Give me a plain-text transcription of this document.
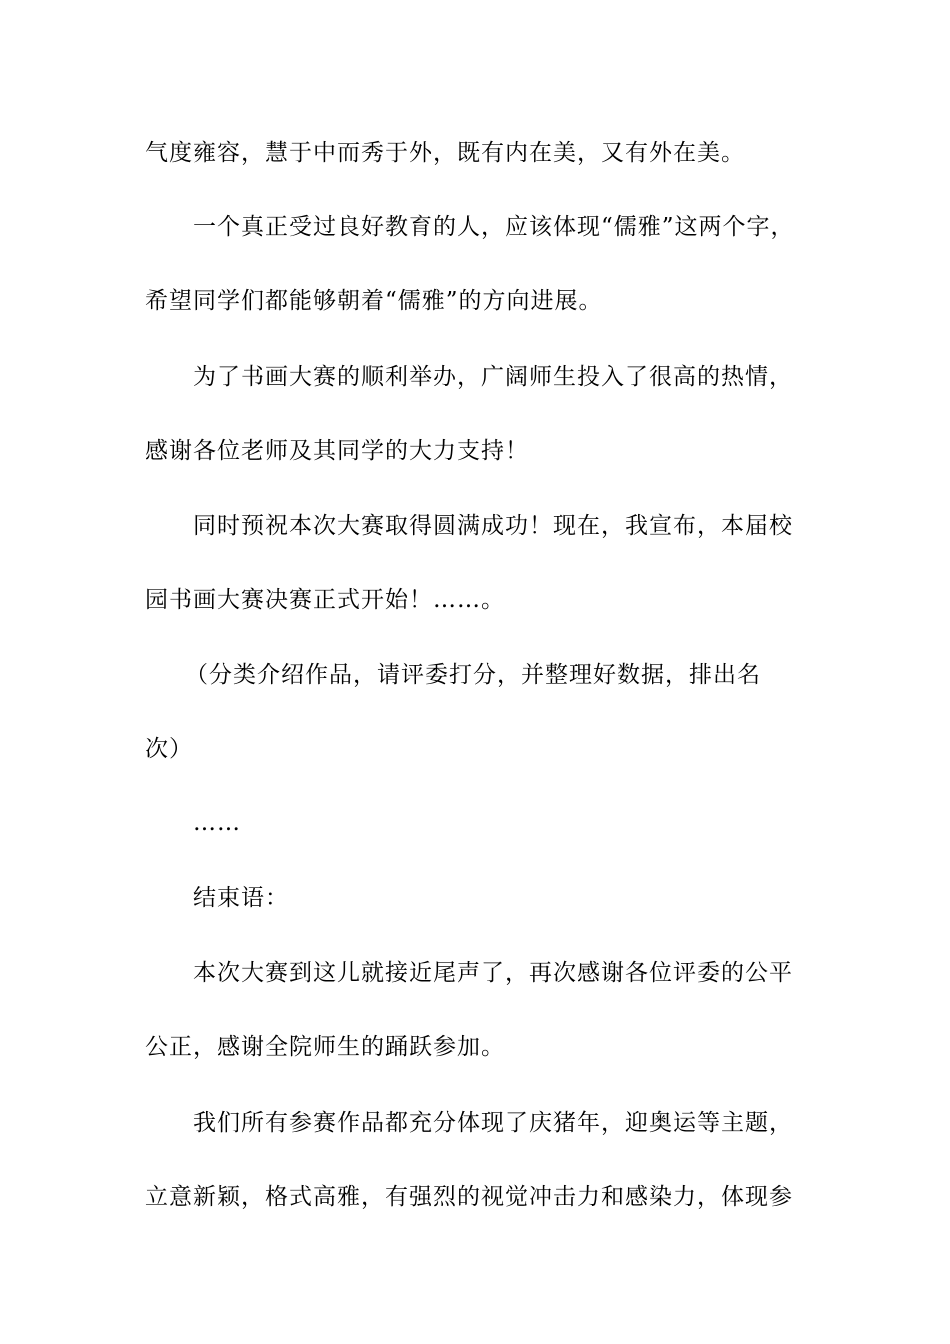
气度雍容，慧于中而秀于外，既有内在美，又有外在美。
一个真正受过良好教育的人，应该体现“儒雅”这两个字，
希望同学们都能够朝着“儒雅”的方向进展。
为了书画大赛的顺利举办，广阔师生投入了很高的热情，
感谢各位老师及其同学的大力支持！
同时预祝本次大赛取得圆满成功！现在，我宣布，本届校
园书画大赛决赛正式开始！……。
（分类介绍作品，请评委打分，并整理好数据，排出名
次）
……
结束语：
本次大赛到这儿就接近尾声了，再次感谢各位评委的公平
公正，感谢全院师生的踊跃参加。
我们所有参赛作品都充分体现了庆猪年，迎奥运等主题，
立意新颖，格式高雅，有强烈的视觉冲击力和感染力，体现参
